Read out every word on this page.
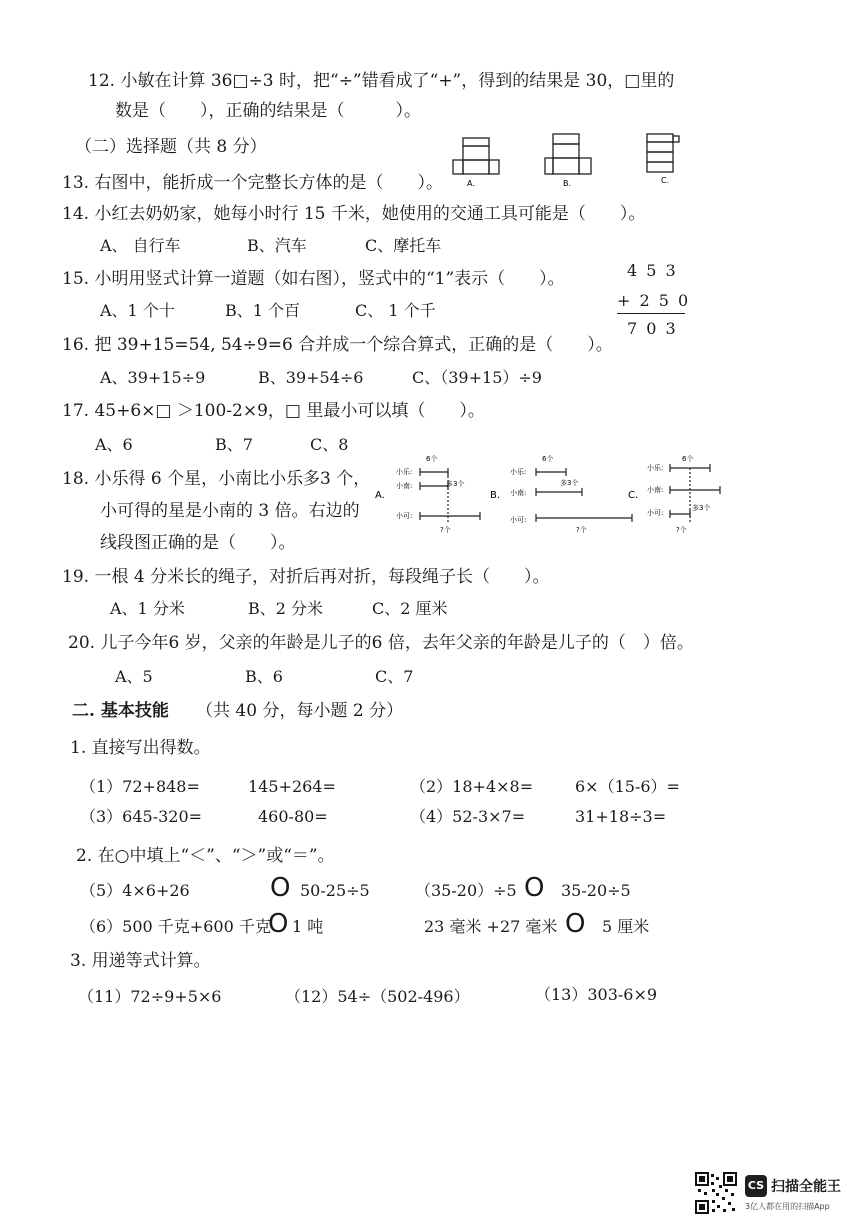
12. 小敏在计算 36□÷3 时，把“÷”错看成了“+”，得到的结果是 30，□里的
数是（　　），正确的结果是（　　　）。
（二）选择题（共 8 分）
13. 右图中，能折成一个完整长方体的是（　　）。	A.	B.	C.
14. 小红去奶奶家，她每小时行 15 千米，她使用的交通工具可能是（　　）。
A、 自行车	B、汽车	C、摩托车
15. 小明用竖式计算一道题（如右图），竖式中的“1”表示（　　）。
A、1 个十	B、1 个百	C、 1 个千
4 5 3
+ 2 5 0
7 0 3
16. 把 39+15=54, 54÷9=6 合并成一个综合算式，正确的是（　　）。
A、39+15÷9	B、39+54÷6	C、（39+15）÷9
17. 45+6×□ ＞100-2×9，□ 里最小可以填（　　）。
A、6	B、7	C、8
18. 小乐得 6 个星，小南比小乐多3 个，
小可得的星是小南的 3 倍。右边的
线段图正确的是（　　）。
A.
小乐:
小南:
小可:
6个
多3个
?个
B.
小乐:
小南:
小可:
6个
多3个
?个
C.
小乐:
小南:
小可:
6个
多3个
?个
19. 一根 4 分米长的绳子，对折后再对折，每段绳子长（　　）。
A、1 分米	B、2 分米	C、2 厘米
20. 儿子今年6 岁，父亲的年龄是儿子的6 倍，去年父亲的年龄是儿子的（　）倍。
A、5	B、6	C、7
二. 基本技能 （共 40 分，每小题 2 分）
1. 直接写出得数。
（1）72+848=	145+264=	（2）18+4×8=	6×（15-6）=
（3）645-320=	460-80=	（4）52-3×7=	31+18÷3=
2. 在○中填上“＜”、“＞”或“＝”。
（5）4×6+26	O 50-25÷5	（35-20）÷5 O 35-20÷5
（6）500 千克+600 千克
O 1 吨	23 毫米 +27 毫米 O 5 厘米
3. 用递等式计算。
（11）72÷9+5×6	（12）54÷（502-496）	（13）303-6×9
CS 扫描全能王
3亿人都在用的扫描App
